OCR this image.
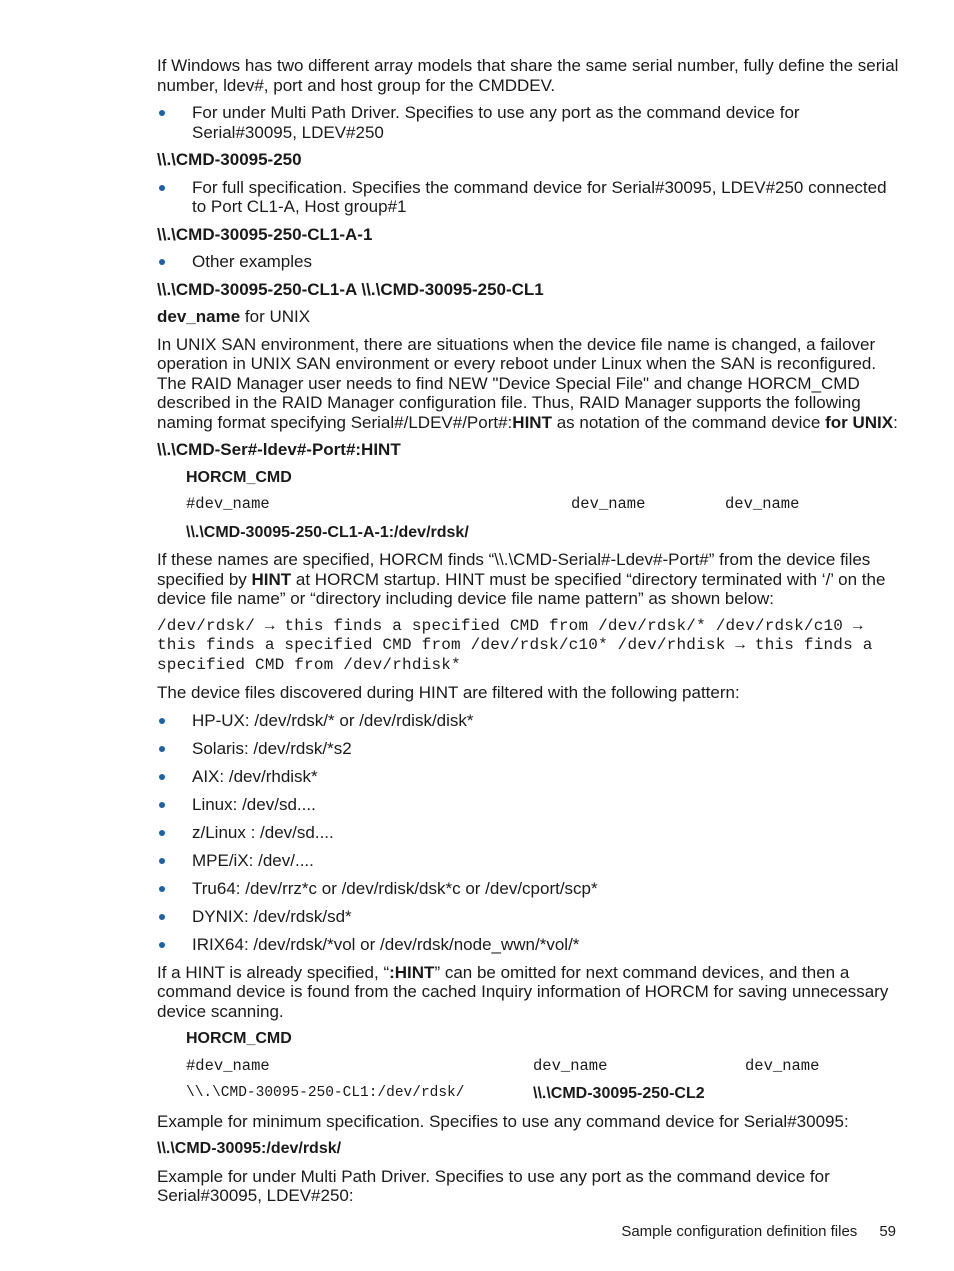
If Windows has two different array models that share the same serial number, fully define the serial number, ldev#, port and host group for the CMDDEV.

For under Multi Path Driver. Specifies to use any port as the command device for Serial#30095, LDEV#250

\\.\CMD-30095-250

For full specification. Specifies the command device for Serial#30095, LDEV#250 connected to Port CL1-A, Host group#1

\\.\CMD-30095-250-CL1-A-1

Other examples

\\.\CMD-30095-250-CL1-A \\.\CMD-30095-250-CL1

dev_name for UNIX

In UNIX SAN environment, there are situations when the device file name is changed, a failover operation in UNIX SAN environment or every reboot under Linux when the SAN is reconfigured. The RAID Manager user needs to find NEW "Device Special File" and change HORCM_CMD described in the RAID Manager configuration file. Thus, RAID Manager supports the following naming format specifying Serial#/LDEV#/Port#:HINT as notation of the command device for UNIX:

\\.\CMD-Ser#-ldev#-Port#:HINT

HORCM_CMD

#dev_name	dev_name	dev_name

\\.\CMD-30095-250-CL1-A-1:/dev/rdsk/

If these names are specified, HORCM finds “\\.\CMD-Serial#-Ldev#-Port#” from the device files specified by HINT at HORCM startup. HINT must be specified “directory terminated with ‘/’ on the device file name” or “directory including device file name pattern” as shown below:

/dev/rdsk/ → this finds a specified CMD from /dev/rdsk/* /dev/rdsk/c10 → this finds a specified CMD from /dev/rdsk/c10* /dev/rhdisk → this finds a specified CMD from /dev/rhdisk*

The device files discovered during HINT are filtered with the following pattern:

HP-UX: /dev/rdsk/* or /dev/rdisk/disk*
Solaris: /dev/rdsk/*s2
AIX: /dev/rhdisk*
Linux: /dev/sd....
z/Linux : /dev/sd....
MPE/iX: /dev/....
Tru64: /dev/rrz*c or /dev/rdisk/dsk*c or /dev/cport/scp*
DYNIX: /dev/rdsk/sd*
IRIX64: /dev/rdsk/*vol or /dev/rdsk/node_wwn/*vol/*

If a HINT is already specified, “:HINT” can be omitted for next command devices, and then a command device is found from the cached Inquiry information of HORCM for saving unnecessary device scanning.

HORCM_CMD

#dev_name	dev_name	dev_name
\\.\CMD-30095-250-CL1:/dev/rdsk/	\\.\CMD-30095-250-CL2

Example for minimum specification. Specifies to use any command device for Serial#30095:

\\.\CMD-30095:/dev/rdsk/

Example for under Multi Path Driver. Specifies to use any port as the command device for Serial#30095, LDEV#250:

Sample configuration definition files 59
